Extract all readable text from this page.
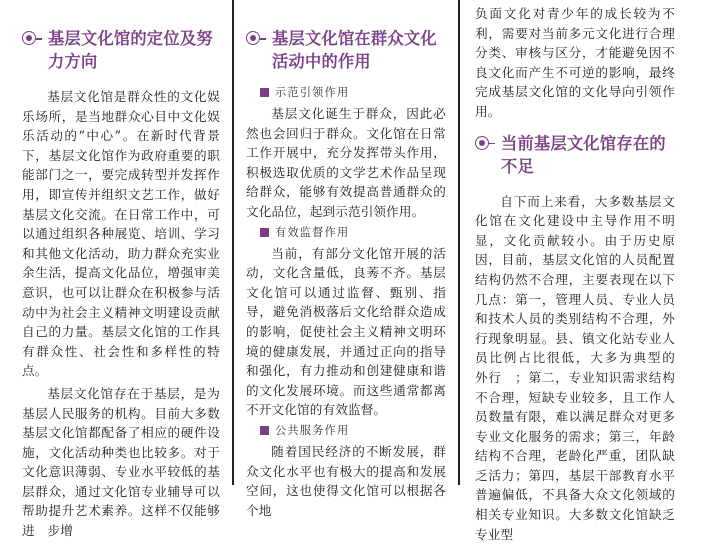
基层文化馆的定位及努力方向

基层文化馆是群众性的文化娱乐场所，是当地群众心目中文化娱乐活动的“中心”。在新时代背景下，基层文化馆作为政府重要的职能部门之一，要完成转型并发挥作用，即宣传并组织文艺工作，做好基层文化交流。在日常工作中，可以通过组织各种展览、培训、学习和其他文化活动，助力群众充实业余生活，提高文化品位，增强审美意识，也可以让群众在积极参与活动中为社会主义精神文明建设贡献自己的力量。基层文化馆的工作具有群众性、社会性和多样性的特点。

基层文化馆存在于基层，是为基层人民服务的机构。目前大多数基层文化馆都配备了相应的硬件设施，文化活动种类也比较多。对于文化意识薄弱、专业水平较低的基层群众，通过文化馆专业辅导可以帮助提升艺术素养。这样不仅能够进　步增

基层文化馆在群众文化活动中的作用

示范引领作用

基层文化诞生于群众，因此必然也会回归于群众。文化馆在日常工作开展中，充分发挥带头作用，积极选取优质的文学艺术作品呈现给群众，能够有效提高普通群众的文化品位，起到示范引领作用。

有效监督作用

当前，有部分文化馆开展的活动，文化含量低，良莠不齐。基层文化馆可以通过监督、甄别、指导，避免消极落后文化给群众造成的影响，促使社会主义精神文明环境的健康发展，并通过正向的指导和强化，有力推动和创建健康和谐的文化发展环境。而这些通常都离不开文化馆的有效监督。

公共服务作用

随着国民经济的不断发展，群众文化水平也有极大的提高和发展空间，这也使得文化馆可以根据各个地

负面文化对青少年的成长较为不利，需要对当前多元文化进行合理分类、审核与区分，才能避免因不良文化而产生不可逆的影响，最终完成基层文化馆的文化导向引领作用。

当前基层文化馆存在的不足

自下而上来看，大多数基层文化馆在文化建设中主导作用不明显，文化贡献较小。由于历史原因，目前，基层文化馆的人员配置结构仍然不合理，主要表现在以下几点：第一，管理人员、专业人员和技术人员的类别结构不合理，外行现象明显。县、镇文化站专业人员比例占比很低，大多为典型的　外行　；第二，专业知识需求结构不合理，短缺专业较多，且工作人员数量有限，难以满足群众对更多专业文化服务的需求；第三，年龄结构不合理，老龄化严重，团队缺乏活力；第四，基层干部教育水平普遍偏低，不具备大众文化领域的相关专业知识。大多数文化馆缺乏专业型
